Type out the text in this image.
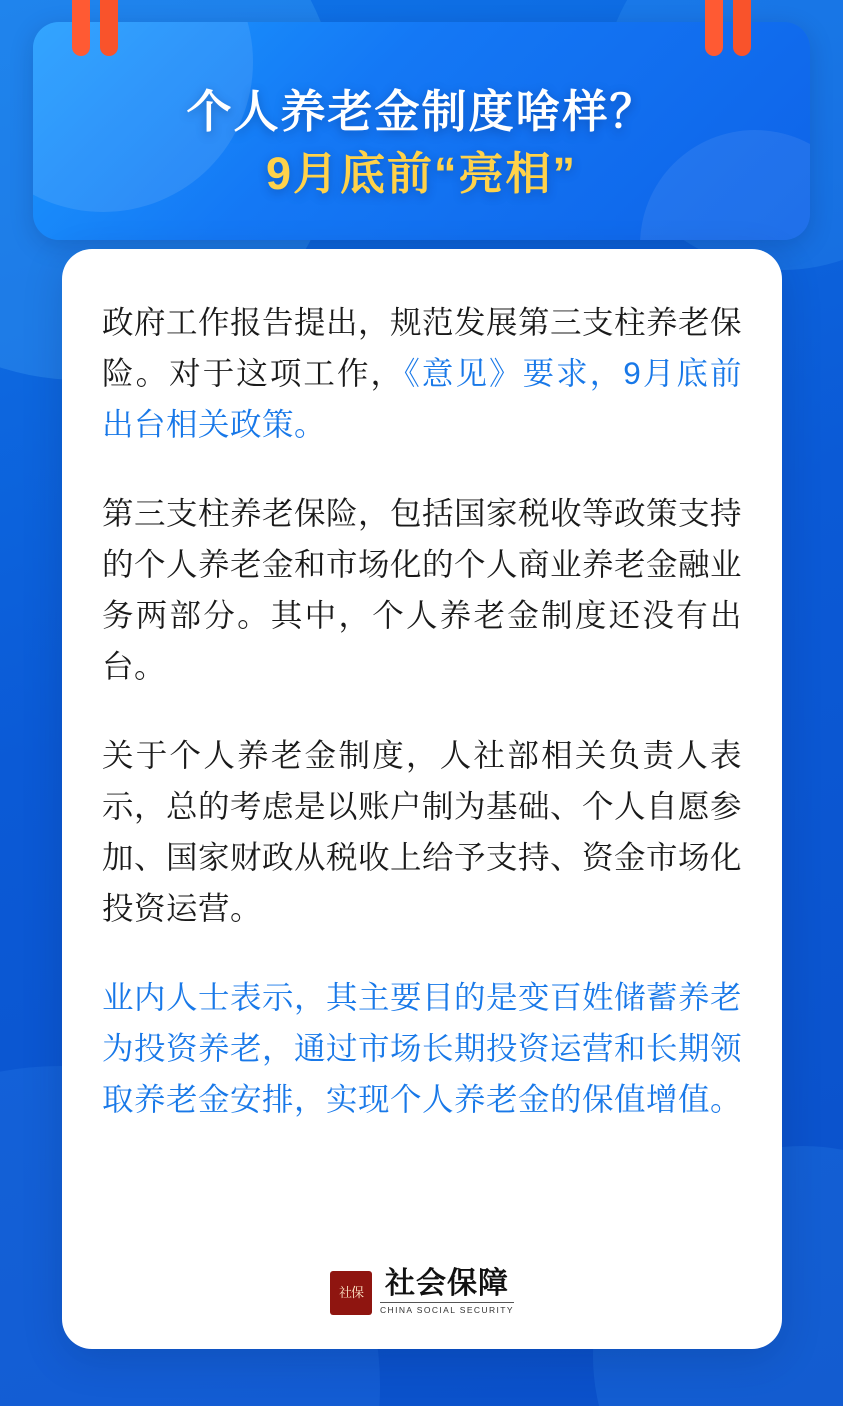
个人养老金制度啥样？
9月底前“亮相”

政府工作报告提出，规范发展第三支柱养老保险。对于这项工作，《意见》要求，9月底前出台相关政策。

第三支柱养老保险，包括国家税收等政策支持的个人养老金和市场化的个人商业养老金融业务两部分。其中，个人养老金制度还没有出台。

关于个人养老金制度，人社部相关负责人表示，总的考虑是以账户制为基础、个人自愿参加、国家财政从税收上给予支持、资金市场化投资运营。

业内人士表示，其主要目的是变百姓储蓄养老为投资养老，通过市场长期投资运营和长期领取养老金安排，实现个人养老金的保值增值。

社保 社会保障
CHINA SOCIAL SECURITY
